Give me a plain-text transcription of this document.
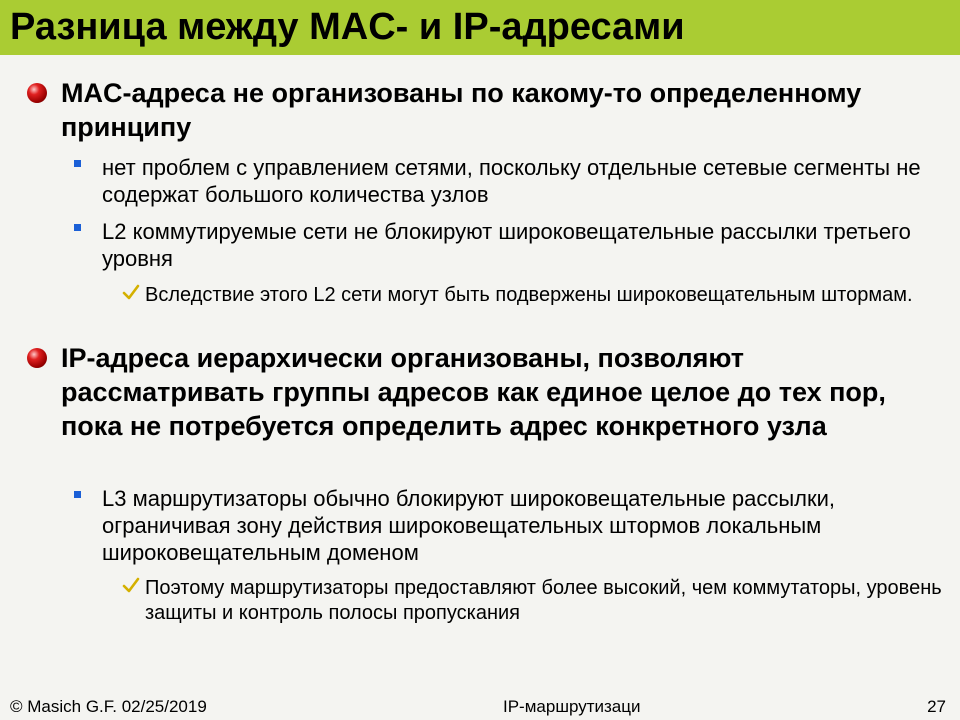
Разница между MAC- и IP-адресами
MAC-адреса не организованы по какому-то определенному принципу
нет проблем с управлением сетями, поскольку отдельные сетевые сегменты не содержат большого количества узлов
L2 коммутируемые сети не блокируют широковещательные рассылки третьего уровня
Вследствие этого L2 сети могут быть подвержены широковещательным штормам.
IP-адреса иерархически организованы, позволяют рассматривать группы адресов как единое целое до тех пор, пока не потребуется определить адрес конкретного узла
L3 маршрутизаторы обычно блокируют широковещательные рассылки, ограничивая зону действия широковещательных штормов локальным широковещательным доменом
Поэтому маршрутизаторы предоставляют более высокий, чем коммутаторы, уровень защиты и контроль полосы пропускания
© Masich G.F. 02/25/2019	IP-маршрутизаци	27
